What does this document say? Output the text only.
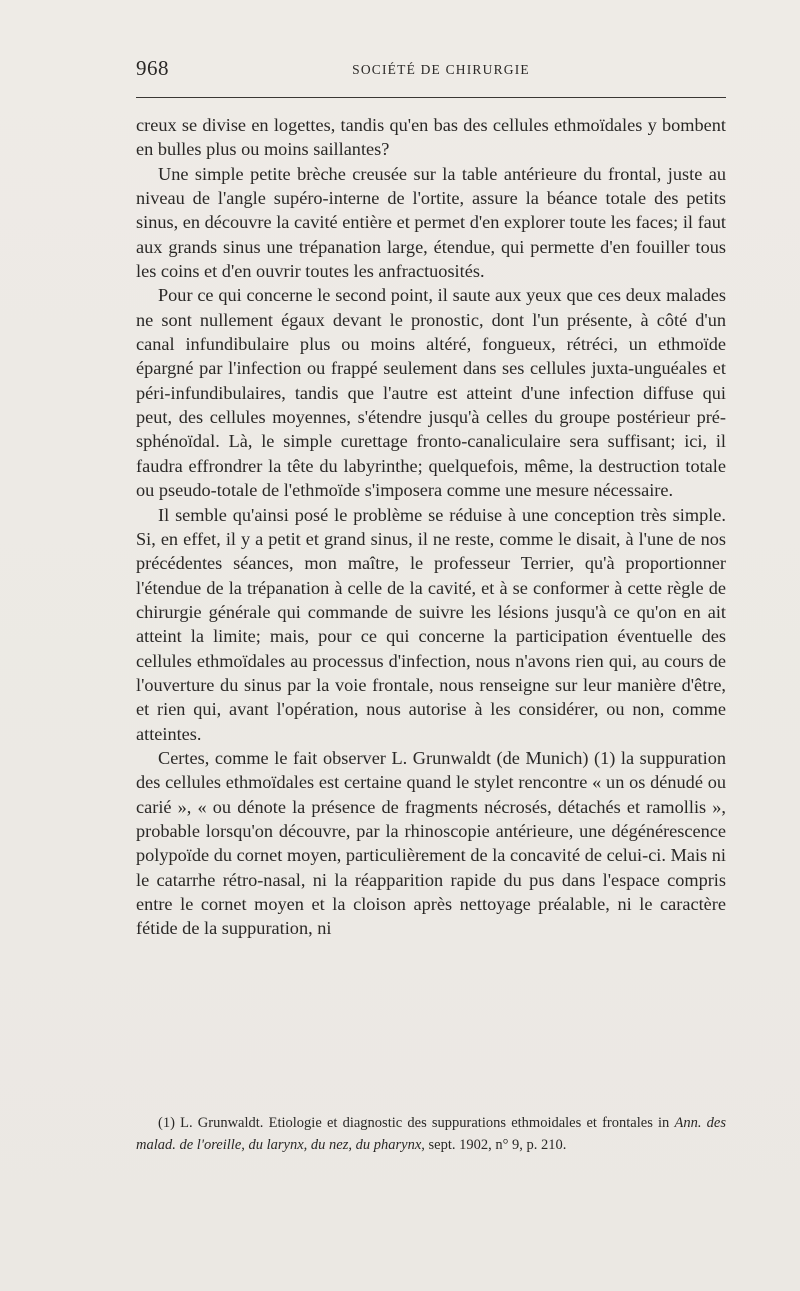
968	SOCIÉTÉ DE CHIRURGIE

creux se divise en logettes, tandis qu'en bas des cellules ethmoïdales y bombent en bulles plus ou moins saillantes?

Une simple petite brèche creusée sur la table antérieure du frontal, juste au niveau de l'angle supéro-interne de l'ortite, assure la béance totale des petits sinus, en découvre la cavité entière et permet d'en explorer toute les faces; il faut aux grands sinus une trépanation large, étendue, qui permette d'en fouiller tous les coins et d'en ouvrir toutes les anfractuosités.

Pour ce qui concerne le second point, il saute aux yeux que ces deux malades ne sont nullement égaux devant le pronostic, dont l'un présente, à côté d'un canal infundibulaire plus ou moins altéré, fongueux, rétréci, un ethmoïde épargné par l'infection ou frappé seulement dans ses cellules juxta-unguéales et péri-infundibulaires, tandis que l'autre est atteint d'une infection diffuse qui peut, des cellules moyennes, s'étendre jusqu'à celles du groupe postérieur pré-sphénoïdal. Là, le simple curettage fronto-canaliculaire sera suffisant; ici, il faudra effrondrer la tête du labyrinthe; quelquefois, même, la destruction totale ou pseudo-totale de l'ethmoïde s'imposera comme une mesure nécessaire.

Il semble qu'ainsi posé le problème se réduise à une conception très simple. Si, en effet, il y a petit et grand sinus, il ne reste, comme le disait, à l'une de nos précédentes séances, mon maître, le professeur Terrier, qu'à proportionner l'étendue de la trépanation à celle de la cavité, et à se conformer à cette règle de chirurgie générale qui commande de suivre les lésions jusqu'à ce qu'on en ait atteint la limite; mais, pour ce qui concerne la participation éventuelle des cellules ethmoïdales au processus d'infection, nous n'avons rien qui, au cours de l'ouverture du sinus par la voie frontale, nous renseigne sur leur manière d'être, et rien qui, avant l'opération, nous autorise à les considérer, ou non, comme atteintes.

Certes, comme le fait observer L. Grunwaldt (de Munich) (1) la suppuration des cellules ethmoïdales est certaine quand le stylet rencontre « un os dénudé ou carié », « ou dénote la présence de fragments nécrosés, détachés et ramollis », probable lorsqu'on découvre, par la rhinoscopie antérieure, une dégénérescence polypoïde du cornet moyen, particulièrement de la concavité de celui-ci. Mais ni le catarrhe rétro-nasal, ni la réapparition rapide du pus dans l'espace compris entre le cornet moyen et la cloison après nettoyage préalable, ni le caractère fétide de la suppuration, ni

(1) L. Grunwaldt. Etiologie et diagnostic des suppurations ethmoidales et frontales in Ann. des malad. de l'oreille, du larynx, du nez, du pharynx, sept. 1902, n° 9, p. 210.
